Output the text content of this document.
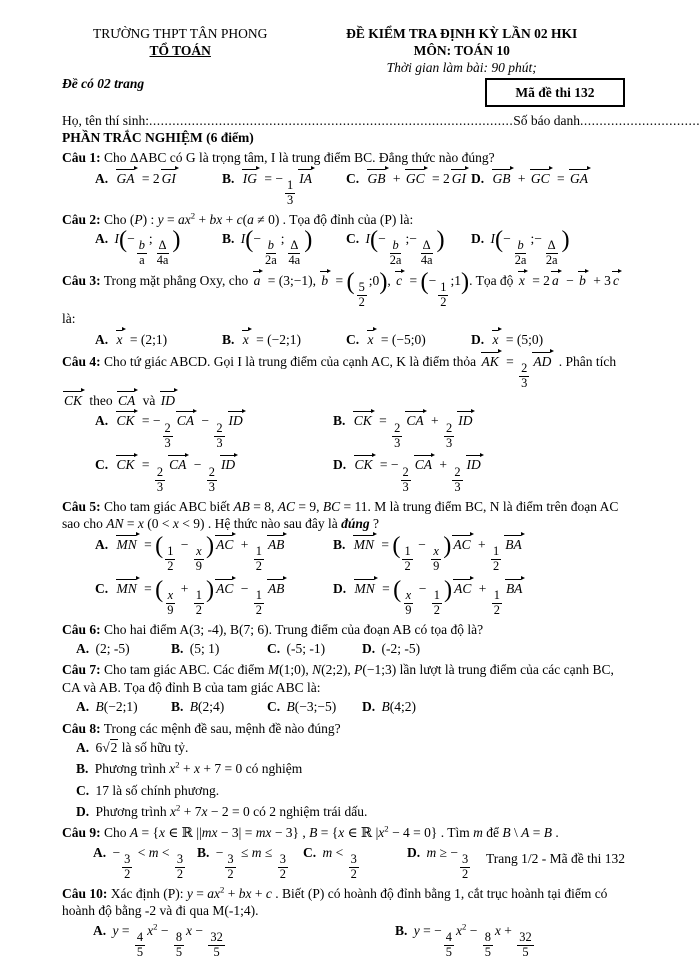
TRƯỜNG THPT TÂN PHONG
TỔ TOÁN
Đề có 02 trang
ĐỀ KIỂM TRA ĐỊNH KỲ LẦN 02 HKI
MÔN: TOÁN 10
Thời gian làm bài: 90 phút;
Mã đề thi 132
Họ, tên thí sinh:..............................................................................................Số báo danh...............................
PHẦN TRẮC NGHIỆM (6 điểm)
Câu 1: Cho ΔABC có G là trọng tâm, I là trung điểm BC. Đẳng thức nào đúng?
A. GA = 2 GI	B. IG = −
$\frac{1}{3}$
IA	C. GB + GC = 2 GI D. GB + GC = GA
Câu 2: Cho (P) : $y = ax^2$ + bx + c(a ≠ 0) . Tọa độ đỉnh của (P) là:
A. I(−
$\frac{b}{a}$
;
$\frac{\Delta}{4a}$ )	B. I(−
$\frac{b}{2a}$
;
$\frac{\Delta}{4a}$ )	C. I(−
$\frac{b}{2a}$
;−
$\frac{\Delta}{4a}$ )	D. I(−
$\frac{b}{2a}$
;−
$\frac{\Delta}{2a}$ )
Câu 3: Trong mặt phẳng Oxy, cho a = (3;−1), b = ( $\frac{5}{2}$
;0), c = (−
$\frac{1}{2}$
;1). Tọa độ x = 2 a − b + 3 c là:
A. x = (2;1)	B. x = (−2;1)	C. x = (−5;0)	D. x = (5;0)
Câu 4: Cho tứ giác ABCD. Gọi I là trung điểm của cạnh AC, K là điểm thỏa AK =
$\frac{2}{3}$
AD . Phân tích CK theo CA và ID
A. CK = −
$\frac{2}{3}$
CA −
$\frac{2}{3}$
ID	B. CK =
$\frac{2}{3}$
CA +
$\frac{2}{3}$
ID
C. CK =
$\frac{2}{3}$
CA −
$\frac{2}{3}$
ID	D. CK = −
$\frac{2}{3}$
CA +
$\frac{2}{3}$
ID
Câu 5: Cho tam giác ABC biết AB = 8, AC = 9, BC = 11. M là trung điểm BC, N là điểm trên đoạn AC sao cho AN = x (0 < x < 9) . Hệ thức nào sau đây là đúng ?
A. MN = ( $\frac{1}{2}$
−
$\frac{x}{9}$ ) AC +
$\frac{1}{2}$
AB	B. MN = ( $\frac{1}{2}$
−
$\frac{x}{9}$ ) AC +
$\frac{1}{2}$
BA
C. MN = ( $\frac{x}{9}$
+
$\frac{1}{2}$ ) AC −
$\frac{1}{2}$
AB	D. MN = ( $\frac{x}{9}$
−
$\frac{1}{2}$ ) AC +
$\frac{1}{2}$
BA
Câu 6: Cho hai điểm A(3; -4), B(7; 6). Trung điểm của đoạn AB có tọa độ là?
A. (2; -5)	B. (5; 1)	C. (-5; -1)	D. (-2; -5)
Câu 7: Cho tam giác ABC. Các điểm M(1;0), N(2;2), P(−1;3) lần lượt là trung điểm của các cạnh BC, CA và AB. Tọa độ đỉnh B của tam giác ABC là:
A. B(−2;1)	B. B(2;4)	C. B(−3;−5)	D. B(4;2)
Câu 8: Trong các mệnh đề sau, mệnh đề nào đúng?
A. 6√2 là số hữu tỷ.
B. Phương trình $x^2 + x + 7 = 0$ có nghiệm
C. 17 là số chính phương.
D. Phương trình $x^2 + 7x - 2 = 0$ có 2 nghiệm trái dấu.
Câu 9: Cho A = {x ∈ ℝ ||mx − 3| = mx − 3} , B = {x ∈ ℝ $|x^2 - 4 = 0$} . Tìm m để B \ A = B .
A. −
$\frac{3}{2}$
< m <
$\frac{3}{2}$
B. −
$\frac{3}{2}$
≤ m ≤
$\frac{3}{2}$
C. m <
$\frac{3}{2}$
D. m ≥ −
$\frac{3}{2}$
Câu 10: Xác định (P): $y = ax^2$ + bx + c . Biết (P) có hoành độ đỉnh bằng 1, cắt trục hoành tại điểm có hoành độ bằng -2 và đi qua M(-1;4).
A. y =
$\frac{4}{5}$
$x^2$ −
$\frac{8}{5}$
x −
$\frac{32}{5}$
B. y = −
$\frac{4}{5}$
$x^2$ −
$\frac{8}{5}$
x +
$\frac{32}{5}$
Trang 1/2 - Mã đề thi 132
